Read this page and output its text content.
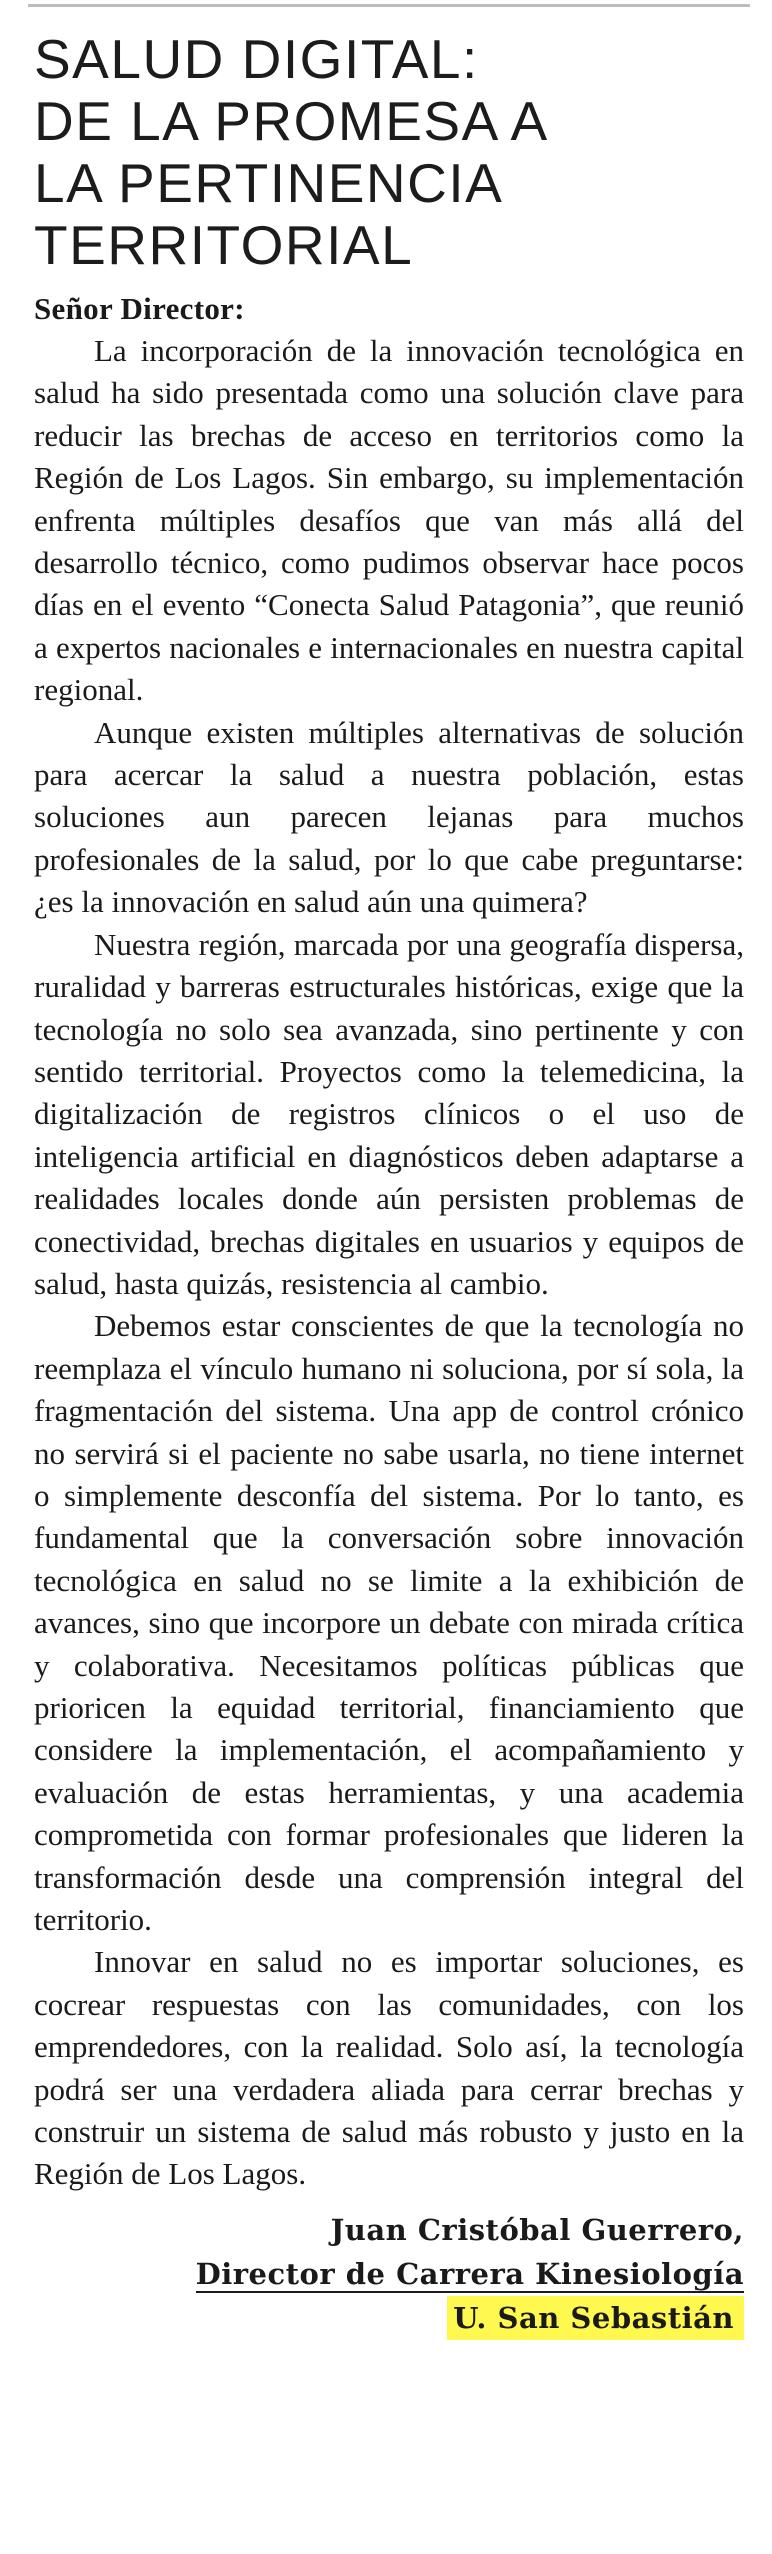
SALUD DIGITAL:
DE LA PROMESA A
LA PERTINENCIA
TERRITORIAL
Señor Director:

La incorporación de la innovación tecnológica en salud ha sido presentada como una solución clave para reducir las brechas de acceso en territorios como la Región de Los Lagos. Sin embargo, su implementación enfrenta múltiples desafíos que van más allá del desarrollo técnico, como pudimos observar hace pocos días en el evento “Conecta Salud Patagonia”, que reunió a expertos nacionales e internacionales en nuestra capital regional.

Aunque existen múltiples alternativas de solución para acercar la salud a nuestra población, estas soluciones aun parecen lejanas para muchos profesionales de la salud, por lo que cabe preguntarse: ¿es la innovación en salud aún una quimera?

Nuestra región, marcada por una geografía dispersa, ruralidad y barreras estructurales históricas, exige que la tecnología no solo sea avanzada, sino pertinente y con sentido territorial. Proyectos como la telemedicina, la digitalización de registros clínicos o el uso de inteligencia artificial en diagnósticos deben adaptarse a realidades locales donde aún persisten problemas de conectividad, brechas digitales en usuarios y equipos de salud, hasta quizás, resistencia al cambio.

Debemos estar conscientes de que la tecnología no reemplaza el vínculo humano ni soluciona, por sí sola, la fragmentación del sistema. Una app de control crónico no servirá si el paciente no sabe usarla, no tiene internet o simplemente desconfía del sistema. Por lo tanto, es fundamental que la conversación sobre innovación tecnológica en salud no se limite a la exhibición de avances, sino que incorpore un debate con mirada crítica y colaborativa. Necesitamos políticas públicas que prioricen la equidad territorial, financiamiento que considere la implementación, el acompañamiento y evaluación de estas herramientas, y una academia comprometida con formar profesionales que lideren la transformación desde una comprensión integral del territorio.

Innovar en salud no es importar soluciones, es cocrear respuestas con las comunidades, con los emprendedores, con la realidad. Solo así, la tecnología podrá ser una verdadera aliada para cerrar brechas y construir un sistema de salud más robusto y justo en la Región de Los Lagos.

Juan Cristóbal Guerrero,
Director de Carrera Kinesiología
U. San Sebastián
